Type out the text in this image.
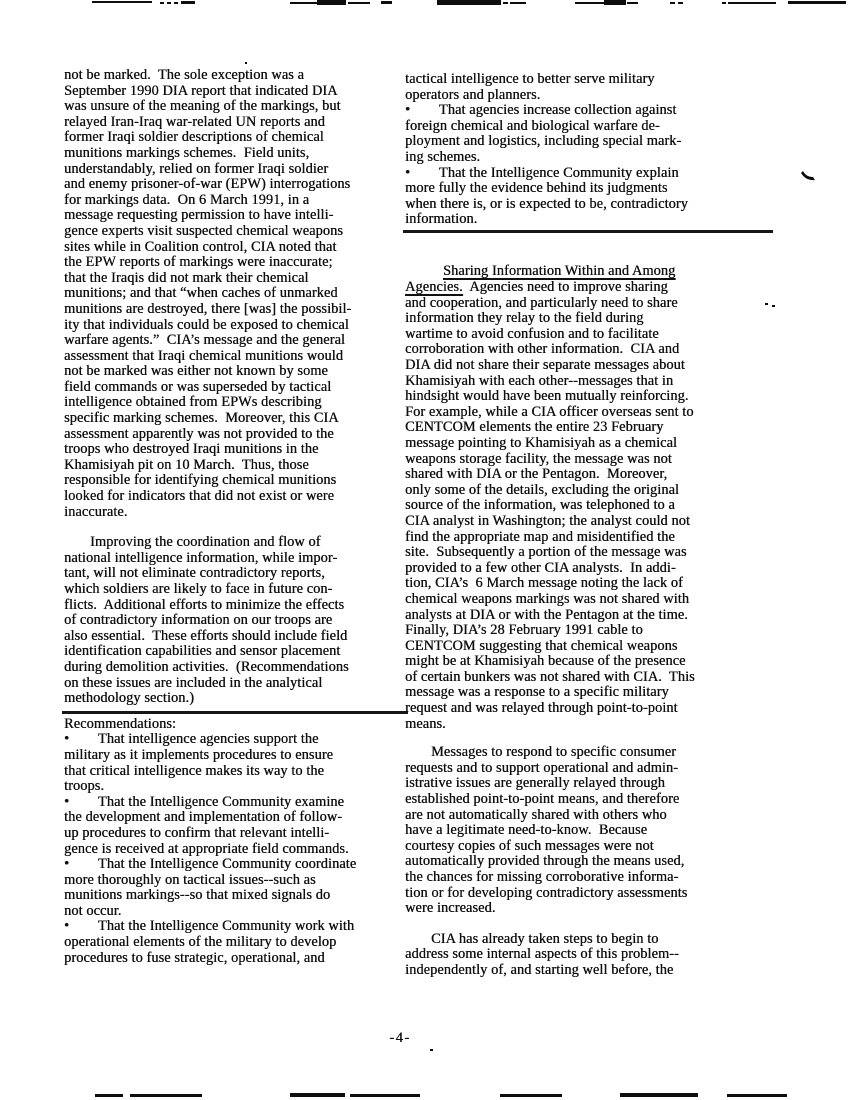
not be marked.  The sole exception was a
September 1990 DIA report that indicated DIA
was unsure of the meaning of the markings, but
relayed Iran-Iraq war-related UN reports and
former Iraqi soldier descriptions of chemical
munitions markings schemes.  Field units,
understandably, relied on former Iraqi soldier
and enemy prisoner-of-war (EPW) interrogations
for markings data.  On 6 March 1991, in a
message requesting permission to have intelli-
gence experts visit suspected chemical weapons
sites while in Coalition control, CIA noted that
the EPW reports of markings were inaccurate;
that the Iraqis did not mark their chemical
munitions; and that “when caches of unmarked
munitions are destroyed, there [was] the possibil-
ity that individuals could be exposed to chemical
warfare agents.”  CIA’s message and the general
assessment that Iraqi chemical munitions would
not be marked was either not known by some
field commands or was superseded by tactical
intelligence obtained from EPWs describing
specific marking schemes.  Moreover, this CIA
assessment apparently was not provided to the
troops who destroyed Iraqi munitions in the
Khamisiyah pit on 10 March.  Thus, those
responsible for identifying chemical munitions
looked for indicators that did not exist or were
inaccurate.
Improving the coordination and flow of
national intelligence information, while impor-
tant, will not eliminate contradictory reports,
which soldiers are likely to face in future con-
flicts.  Additional efforts to minimize the effects
of contradictory information on our troops are
also essential.  These efforts should include field
identification capabilities and sensor placement
during demolition activities.  (Recommendations
on these issues are included in the analytical
methodology section.)
Recommendations:
•  That intelligence agencies support the
military as it implements procedures to ensure
that critical intelligence makes its way to the
troops.
•  That the Intelligence Community examine
the development and implementation of follow-
up procedures to confirm that relevant intelli-
gence is received at appropriate field commands.
•  That the Intelligence Community coordinate
more thoroughly on tactical issues--such as
munitions markings--so that mixed signals do
not occur.
•  That the Intelligence Community work with
operational elements of the military to develop
procedures to fuse strategic, operational, and
tactical intelligence to better serve military
operators and planners.
•  That agencies increase collection against
foreign chemical and biological warfare de-
ployment and logistics, including special mark-
ing schemes.
•  That the Intelligence Community explain
more fully the evidence behind its judgments
when there is, or is expected to be, contradictory
information.
Sharing Information Within and Among
Agencies.  Agencies need to improve sharing
and cooperation, and particularly need to share
information they relay to the field during
wartime to avoid confusion and to facilitate
corroboration with other information.  CIA and
DIA did not share their separate messages about
Khamisiyah with each other--messages that in
hindsight would have been mutually reinforcing.
For example, while a CIA officer overseas sent to
CENTCOM elements the entire 23 February
message pointing to Khamisiyah as a chemical
weapons storage facility, the message was not
shared with DIA or the Pentagon.  Moreover,
only some of the details, excluding the original
source of the information, was telephoned to a
CIA analyst in Washington; the analyst could not
find the appropriate map and misidentified the
site.  Subsequently a portion of the message was
provided to a few other CIA analysts.  In addi-
tion, CIA’s  6 March message noting the lack of
chemical weapons markings was not shared with
analysts at DIA or with the Pentagon at the time.
Finally, DIA’s 28 February 1991 cable to
CENTCOM suggesting that chemical weapons
might be at Khamisiyah because of the presence
of certain bunkers was not shared with CIA.  This
message was a response to a specific military
request and was relayed through point-to-point
means.
Messages to respond to specific consumer
requests and to support operational and admin-
istrative issues are generally relayed through
established point-to-point means, and therefore
are not automatically shared with others who
have a legitimate need-to-know.  Because
courtesy copies of such messages were not
automatically provided through the means used,
the chances for missing corroborative informa-
tion or for developing contradictory assessments
were increased.
CIA has already taken steps to begin to
address some internal aspects of this problem--
independently of, and starting well before, the
-4-
